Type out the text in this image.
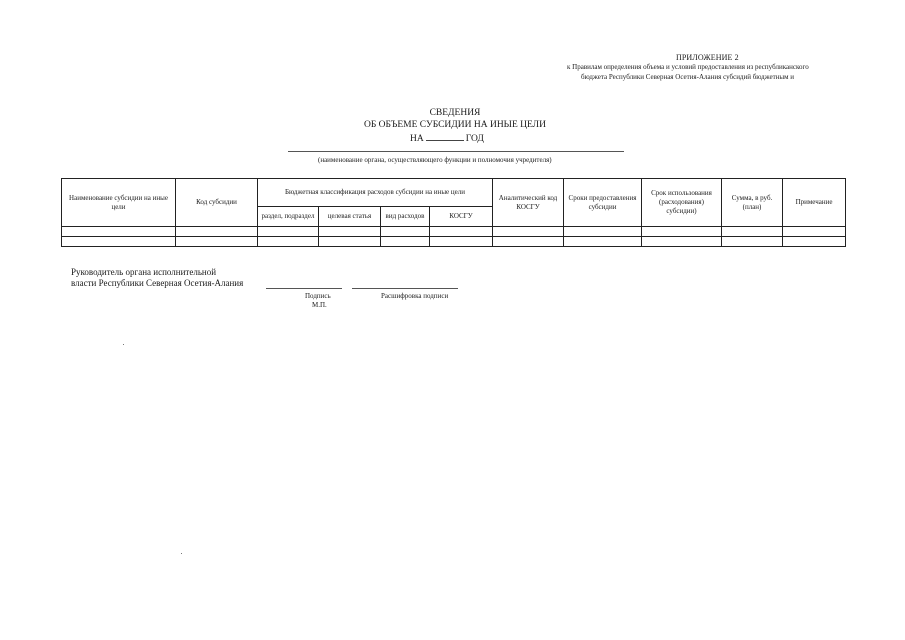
ПРИЛОЖЕНИЕ 2
к Правилам определения объема и условий предоставления из республиканского
бюджета Республики Северная Осетия-Алания субсидий бюджетным и
СВЕДЕНИЯ
ОБ ОБЪЕМЕ СУБСИДИИ НА ИНЫЕ ЦЕЛИ
НА	ГОД
(наименование органа, осуществляющего функции и полномочия учредителя)
Наименование субсидии на иные цели	Код субсидии	Бюджетная классификация расходов субсидии на иные цели				Аналитический код КОСГУ	Сроки предоставления субсидии	Срок использования (расходования) субсидии)	Сумма, в руб. (план)	Примечание
		раздел, подраздел	целевая статья	вид расходов	КОСГУ					

Руководитель органа исполнительной
власти Республики Северная Осетия-Алания
Подпись	Расшифровка подписи
М.П.
